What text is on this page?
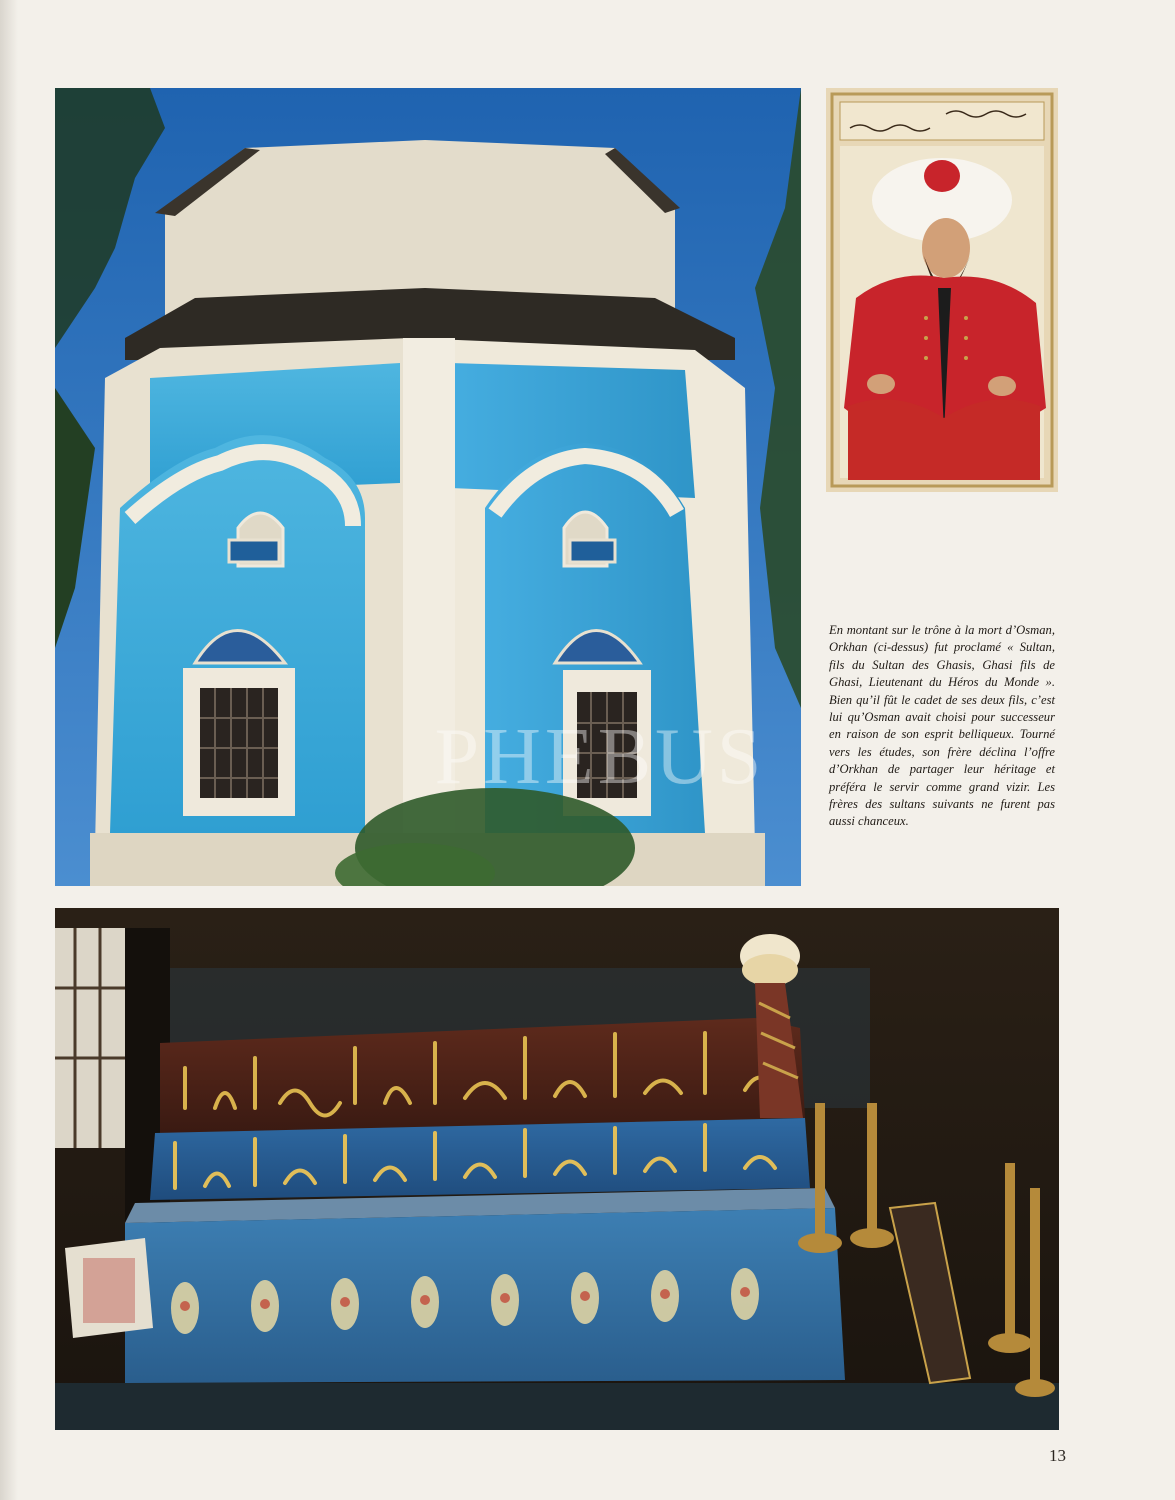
En montant sur le trône à la mort d’Osman, Orkhan (ci-dessus) fut proclamé « Sultan, fils du Sultan des Ghasis, Ghasi fils de Ghasi, Lieutenant du Héros du Monde ». Bien qu’il fût le cadet de ses deux fils, c’est lui qu’Osman avait choisi pour successeur en raison de son esprit belliqueux. Tourné vers les études, son frère déclina l’offre d’Orkhan de partager leur héritage et préféra le servir comme grand vizir. Les frères des sultans suivants ne furent pas aussi chanceux.

PHEBUS
13
